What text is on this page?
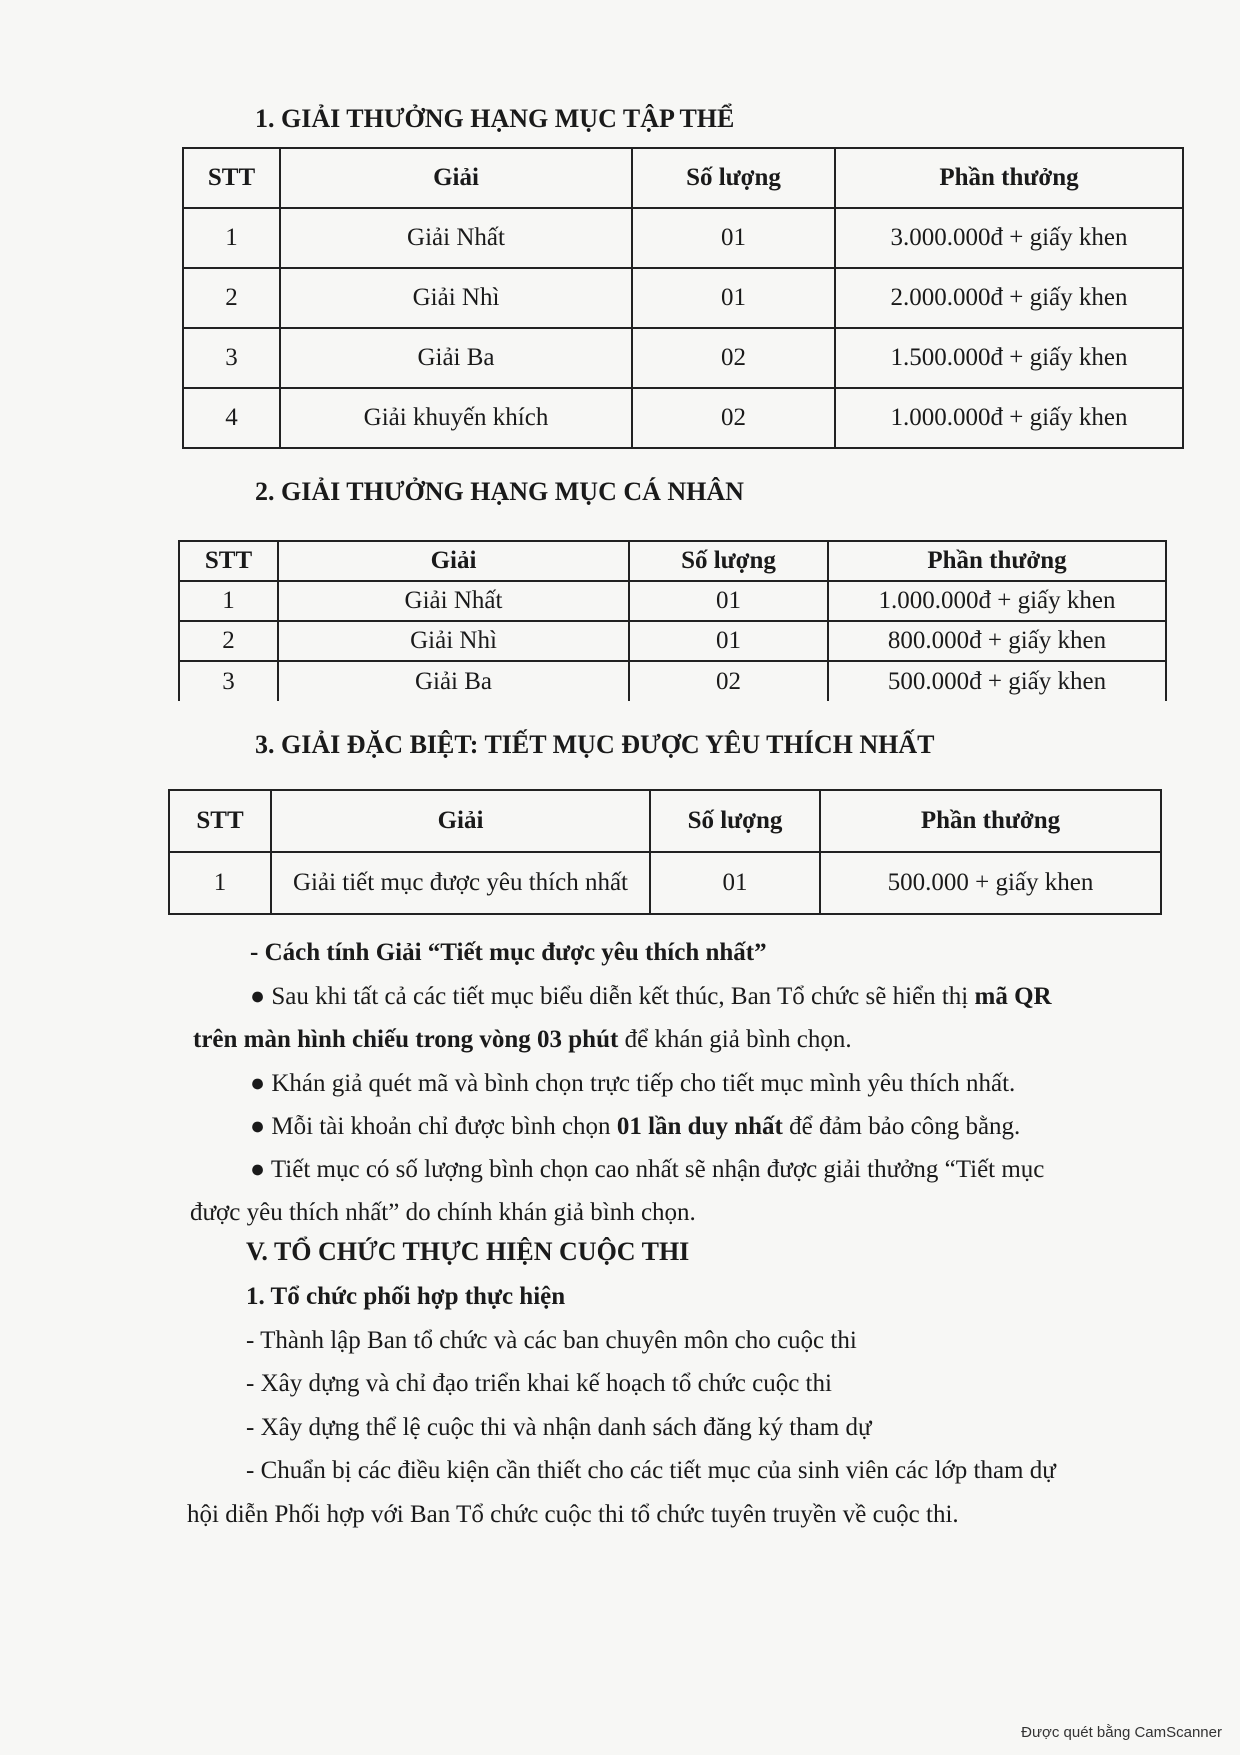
1. GIẢI THƯỞNG HẠNG MỤC TẬP THỂ
STT	Giải	Số lượng	Phần thưởng
1	Giải Nhất	01	3.000.000đ + giấy khen
2	Giải Nhì	01	2.000.000đ + giấy khen
3	Giải Ba	02	1.500.000đ + giấy khen
4	Giải khuyến khích	02	1.000.000đ + giấy khen
2. GIẢI THƯỞNG HẠNG MỤC CÁ NHÂN
STT	Giải	Số lượng	Phần thưởng
1	Giải Nhất	01	1.000.000đ + giấy khen
2	Giải Nhì	01	800.000đ + giấy khen
3	Giải Ba	02	500.000đ + giấy khen
3. GIẢI ĐẶC BIỆT: TIẾT MỤC ĐƯỢC YÊU THÍCH NHẤT
STT	Giải	Số lượng	Phần thưởng
1	Giải tiết mục được yêu thích nhất	01	500.000 + giấy khen
- Cách tính Giải “Tiết mục được yêu thích nhất”
● Sau khi tất cả các tiết mục biểu diễn kết thúc, Ban Tổ chức sẽ hiển thị mã QR
trên màn hình chiếu trong vòng 03 phút để khán giả bình chọn.
● Khán giả quét mã và bình chọn trực tiếp cho tiết mục mình yêu thích nhất.
● Mỗi tài khoản chỉ được bình chọn 01 lần duy nhất để đảm bảo công bằng.
● Tiết mục có số lượng bình chọn cao nhất sẽ nhận được giải thưởng “Tiết mục
được yêu thích nhất” do chính khán giả bình chọn.
V. TỔ CHỨC THỰC HIỆN CUỘC THI
1. Tổ chức phối hợp thực hiện
- Thành lập Ban tổ chức và các ban chuyên môn cho cuộc thi
- Xây dựng và chỉ đạo triển khai kế hoạch tổ chức cuộc thi
- Xây dựng thể lệ cuộc thi và nhận danh sách đăng ký tham dự
- Chuẩn bị các điều kiện cần thiết cho các tiết mục của sinh viên các lớp tham dự
hội diễn Phối hợp với Ban Tổ chức cuộc thi tổ chức tuyên truyền về cuộc thi.
Được quét bằng CamScanner
